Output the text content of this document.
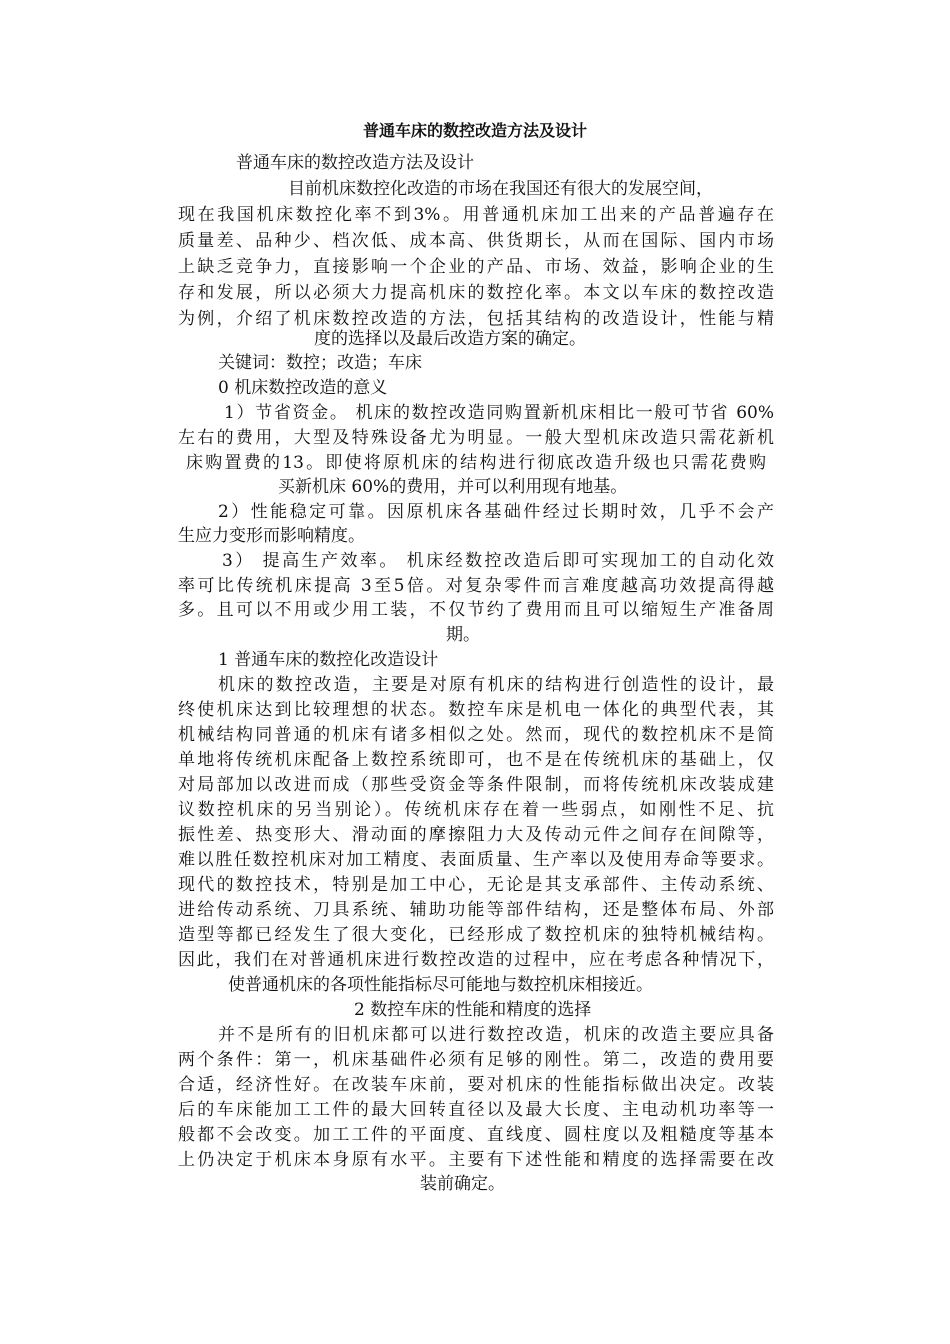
普通车床的数控改造方法及设计
普通车床的数控改造方法及设计
目前机床数控化改造的市场在我国还有很大的发展空间，
现在我国机床数控化率不到3%。用普通机床加工出来的产品普遍存在
质量差、品种少、档次低、成本高、供货期长，从而在国际、国内市场
上缺乏竞争力，直接影响一个企业的产品、市场、效益，影响企业的生
存和发展，所以必须大力提高机床的数控化率。本文以车床的数控改造
为例，介绍了机床数控改造的方法，包括其结构的改造设计，性能与精
度的选择以及最后改造方案的确定。
关键词：数控；改造；车床
0 机床数控改造的意义
1）节省资金。 机床的数控改造同购置新机床相比一般可节省 60%
左右的费用，大型及特殊设备尤为明显。一般大型机床改造只需花新机
床购置费的13。即使将原机床的结构进行彻底改造升级也只需花费购
买新机床 60%的费用，并可以利用现有地基。
2）性能稳定可靠。因原机床各基础件经过长期时效，几乎不会产
生应力变形而影响精度。
3） 提高生产效率。 机床经数控改造后即可实现加工的自动化效
率可比传统机床提高 3至5倍。对复杂零件而言难度越高功效提高得越
多。且可以不用或少用工装，不仅节约了费用而且可以缩短生产准备周
期。
1 普通车床的数控化改造设计
机床的数控改造，主要是对原有机床的结构进行创造性的设计，最
终使机床达到比较理想的状态。数控车床是机电一体化的典型代表，其
机械结构同普通的机床有诸多相似之处。然而，现代的数控机床不是简
单地将传统机床配备上数控系统即可，也不是在传统机床的基础上，仅
对局部加以改进而成（那些受资金等条件限制，而将传统机床改装成建
议数控机床的另当别论）。传统机床存在着一些弱点，如刚性不足、抗
振性差、热变形大、滑动面的摩擦阻力大及传动元件之间存在间隙等，
难以胜任数控机床对加工精度、表面质量、生产率以及使用寿命等要求。
现代的数控技术，特别是加工中心，无论是其支承部件、主传动系统、
进给传动系统、刀具系统、辅助功能等部件结构，还是整体布局、外部
造型等都已经发生了很大变化，已经形成了数控机床的独特机械结构。
因此，我们在对普通机床进行数控改造的过程中，应在考虑各种情况下，
使普通机床的各项性能指标尽可能地与数控机床相接近。
2 数控车床的性能和精度的选择
并不是所有的旧机床都可以进行数控改造，机床的改造主要应具备
两个条件：第一，机床基础件必须有足够的刚性。第二，改造的费用要
合适，经济性好。在改装车床前，要对机床的性能指标做出决定。改装
后的车床能加工工件的最大回转直径以及最大长度、主电动机功率等一
般都不会改变。加工工件的平面度、直线度、圆柱度以及粗糙度等基本
上仍决定于机床本身原有水平。主要有下述性能和精度的选择需要在改
装前确定。
